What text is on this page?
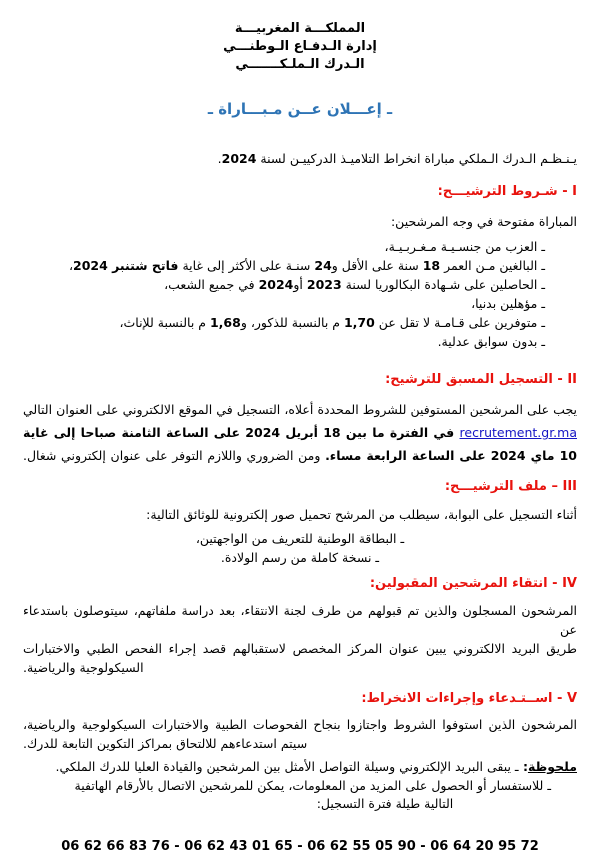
المملكـــة المغربيـــة
إدارة الـدفـاع الـوطنـــي
الـدرك الـملـكـــــــي
ـ إعـــلان عــن مـبـــاراة ـ
يـنـظـم الـدرك الـملكي مباراة انخراط التلاميـذ الدركييـن لسنة 2024.
I - شـروط الترشيـــح:
المباراة مفتوحة في وجه المرشحين:
ـ العزب من جنسـيـة مـغـربـيـة،
ـ البالغين مـن العمر 18 سنة على الأقل و24 سنـة على الأكثر إلى غاية فاتح شتنبر 2024،
ـ الحاصلين على شـهادة البكالوريا لسنة 2023 أو2024 في جميع الشعب،
ـ مؤهلين بدنيا،
ـ متوفرين على قـامـة لا تقل عن 1,70 م بالنسبة للذكور، و1,68 م بالنسبة للإناث،
ـ بدون سوابق عدلية.
II - التسجيل المسبق للترشيح:
يجب على المرشحين المستوفين للشروط المحددة أعلاه، التسجيل في الموقع الالكتروني على العنوان التالي
recrutement.gr.ma في الفترة ما بين 18 أبريل 2024 على الساعة الثامنة صباحا إلى غاية
10 ماي 2024 على الساعة الرابعة مساء. ومن الضروري واللازم التوفر على عنوان إلكتروني شغال.
III – ملف الترشيـــح:
أثناء التسجيل على البوابة، سيطلب من المرشح تحميل صور إلكترونية للوثائق التالية:
ـ البطاقة الوطنية للتعريف من الواجهتين،
ـ نسخة كاملة من رسم الولادة.
IV - انتقاء المرشحين المقبولين:
المرشحون المسجلون والذين تم قبولهم من طرف لجنة الانتقاء، بعد دراسة ملفاتهم، سيتوصلون باستدعاء عن
طريق البريد الالكتروني يبين عنوان المركز المخصص لاستقبالهم قصد إجراء الفحص الطبي والاختبارات
السيكولوجية والرياضية.
V - اســتـدعاء وإجراءات الانخراط:
المرشحون الذين استوفوا الشروط واجتازوا بنجاح الفحوصات الطبية والاختبارات السيكولوجية والرياضية،
سيتم استدعاءهم للالتحاق بمراكز التكوين التابعة للدرك.
ملحوظة: ـ يبقى البريد الإلكتروني وسيلة التواصل الأمثل بين المرشحين والقيادة العليا للدرك الملكي.
ـ للاستفسار أو الحصول على المزيد من المعلومات، يمكن للمرشحين الاتصال بالأرقام الهاتفية
التالية طيلة فترة التسجيل:
06 62 66 83 76 - 06 62 43 01 65 - 06 62 55 05 90 - 06 64 20 95 72
